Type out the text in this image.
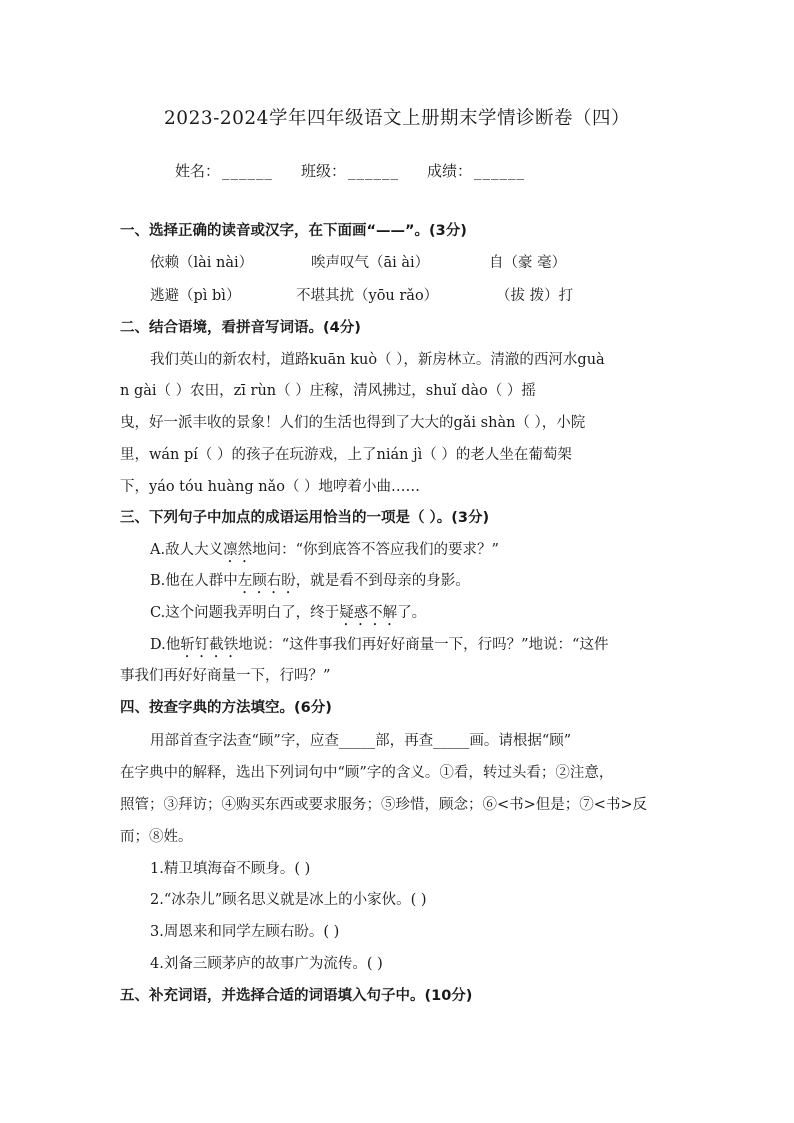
2023-2024学年四年级语文上册期末学情诊断卷（四）
姓名： ______ 班级： ______ 成绩： ______
一、选择正确的读音或汉字，在下面画“——”。(3分)
依赖（lài nài）	唉声叹气（āi ài）	自（豪 毫）
逃避（pì bì）	不堪其扰（yōu rǎo）	（拔 拨）打
二、结合语境，看拼音写词语。(4分)
我们英山的新农村，道路kuān kuò（ ），新房林立。清澈的西河水guà
n gài（ ）农田，zī rùn（ ）庄稼，清风拂过，shuǐ dào（ ）摇
曳，好一派丰收的景象！人们的生活也得到了大大的gǎi shàn（ ），小院
里，wán pí（ ）的孩子在玩游戏，上了nián jì（ ）的老人坐在葡萄架
下，yáo tóu huàng nǎo（ ）地哼着小曲……
三、下列句子中加点的成语运用恰当的一项是（ ）。(3分)
A.敌人大义凛然地问：“你到底答不答应我们的要求？”
B.他在人群中左顾右盼，就是看不到母亲的身影。
C.这个问题我弄明白了，终于疑惑不解了。
D.他斩钉截铁地说：“这件事我们再好好商量一下，行吗？”地说：“这件
事我们再好好商量一下，行吗？”
四、按查字典的方法填空。(6分)
用部首查字法查“顾”字，应查_____部，再查_____画。请根据“顾”
在字典中的解释，选出下列词句中“顾”字的含义。①看，转过头看；②注意，
照管；③拜访；④购买东西或要求服务；⑤珍惜，顾念；⑥<书>但是；⑦<书>反
而；⑧姓。
1.精卫填海奋不顾身。( )
2.“冰杂儿”顾名思义就是冰上的小家伙。( )
3.周恩来和同学左顾右盼。( )
4.刘备三顾茅庐的故事广为流传。( )
五、补充词语，并选择合适的词语填入句子中。(10分)
